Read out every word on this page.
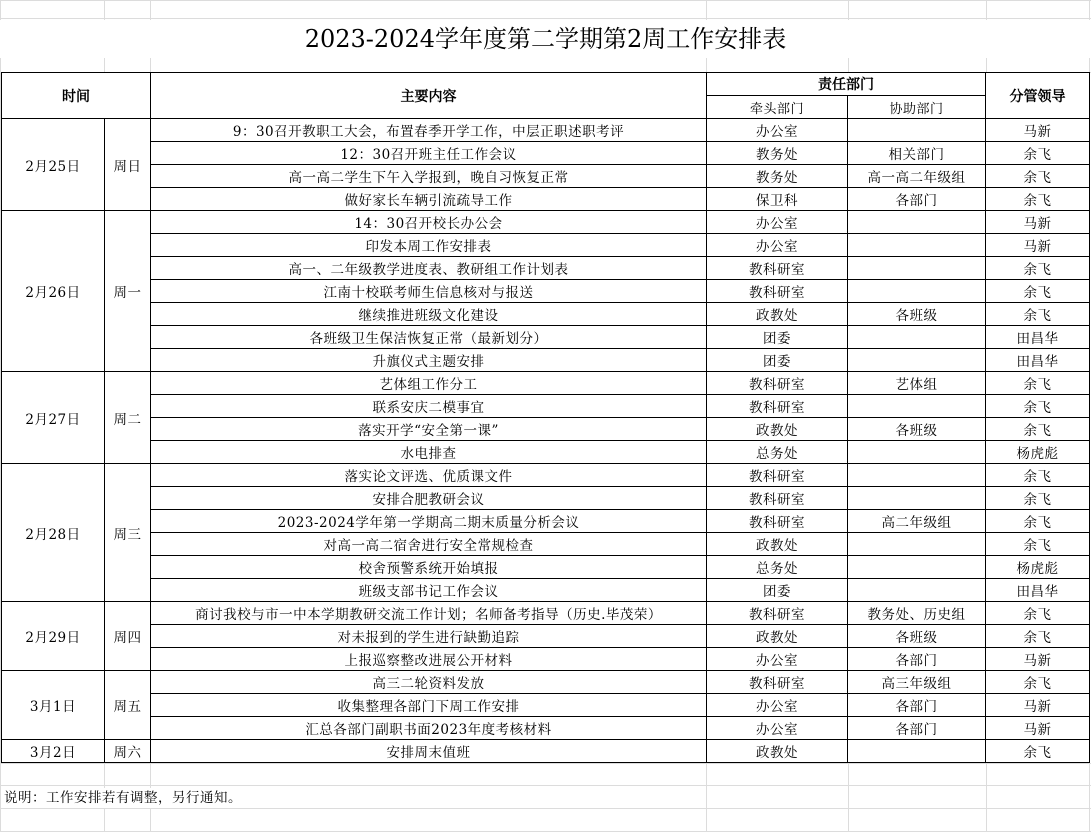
2023-2024学年度第二学期第2周工作安排表
时间		主要内容	责任部门		分管领导
			牵头部门	协助部门	
2月25日	周日	9：30召开教职工大会，布置春季开学工作，中层正职述职考评	办公室		马新
		12：30召开班主任工作会议	教务处	相关部门	余飞
		高一高二学生下午入学报到，晚自习恢复正常	教务处	高一高二年级组	余飞
		做好家长车辆引流疏导工作	保卫科	各部门	余飞
2月26日	周一	14：30召开校长办公会	办公室		马新
		印发本周工作安排表	办公室		马新
		高一、二年级教学进度表、教研组工作计划表	教科研室		余飞
		江南十校联考师生信息核对与报送	教科研室		余飞
		继续推进班级文化建设	政教处	各班级	余飞
		各班级卫生保洁恢复正常（最新划分）	团委		田昌华
		升旗仪式主题安排	团委		田昌华
2月27日	周二	艺体组工作分工	教科研室	艺体组	余飞
		联系安庆二模事宜	教科研室		余飞
		落实开学“安全第一课”	政教处	各班级	余飞
		水电排查	总务处		杨虎彪
2月28日	周三	落实论文评选、优质课文件	教科研室		余飞
		安排合肥教研会议	教科研室		余飞
		2023-2024学年第一学期高二期末质量分析会议	教科研室	高二年级组	余飞
		对高一高二宿舍进行安全常规检查	政教处		余飞
		校舍预警系统开始填报	总务处		杨虎彪
		班级支部书记工作会议	团委		田昌华
2月29日	周四	商讨我校与市一中本学期教研交流工作计划；名师备考指导（历史.毕茂荣）	教科研室	教务处、历史组	余飞
		对未报到的学生进行缺勤追踪	政教处	各班级	余飞
		上报巡察整改进展公开材料	办公室	各部门	马新
3月1日	周五	高三二轮资料发放	教科研室	高三年级组	余飞
		收集整理各部门下周工作安排	办公室	各部门	马新
		汇总各部门副职书面2023年度考核材料	办公室	各部门	马新
3月2日	周六	安排周末值班	政教处		余飞
说明：工作安排若有调整，另行通知。
